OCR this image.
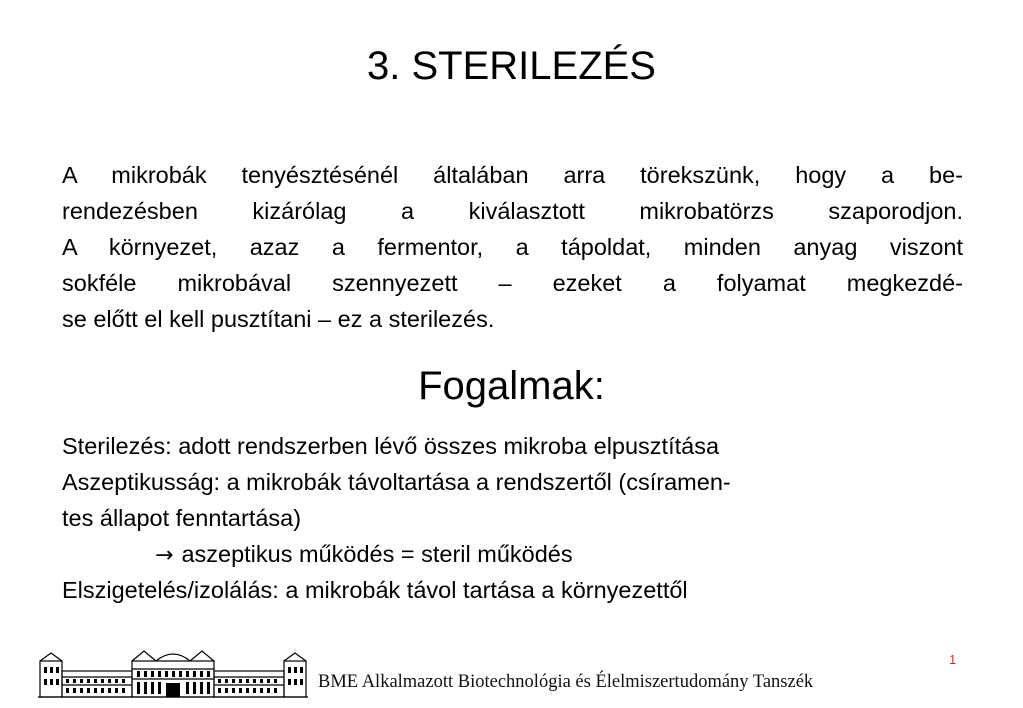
3. STERILEZÉS
A mikrobák tenyésztésénél általában arra törekszünk, hogy a be-
rendezésben kizárólag a kiválasztott mikrobatörzs szaporodjon.
A környezet, azaz a fermentor, a tápoldat, minden anyag viszont
sokféle mikrobával szennyezett – ezeket a folyamat megkezdé-
se előtt el kell pusztítani – ez a sterilezés.
Fogalmak:
Sterilezés: adott rendszerben lévő összes mikroba elpusztítása
Aszeptikusság: a mikrobák távoltartása a rendszertől (csíramen-
tes állapot fenntartása)
→ aszeptikus működés = steril működés
Elszigetelés/izolálás: a mikrobák távol tartása a környezettől
1
BME Alkalmazott Biotechnológia és Élelmiszertudomány Tanszék
